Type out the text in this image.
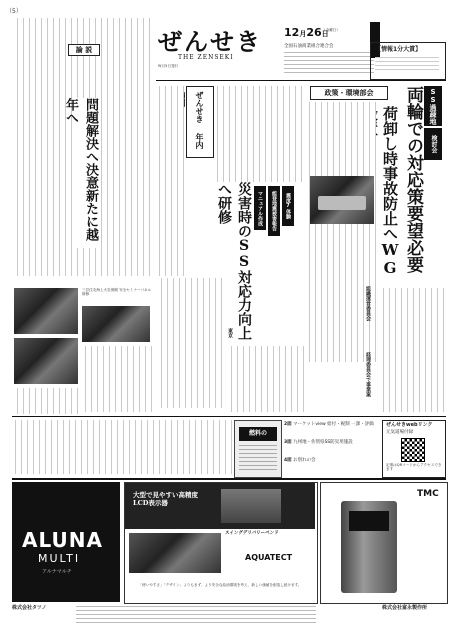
（5）
論 説
問題解決へ決意新たに越年へ
ぜんせき
THE ZENSEKI
毎月5日発行
12月26日
（金曜日）
全国石油商業組合連合会	【情報1分大賞】
政策・環境部会	SS過疎地
検討会
両輪での対応策要望必要
荷卸し時事故防止へWG
組織運営委員会
経理委員会で事業案
ぜんせき 年内
震度7体験
能登地震被害報告
マニュアル作成
災害時のSS対応力向上へ研修
東京
三井住友海上火災保険 安全セミナーパネル研修
燃料の
2面 マーケットview 給付・税制 一課・評価
3面 九州地・佐賀県SS防災用施設
4面 お別れの会
ぜんせきwebリンク
元気道場付録
記事はQRコードからアクセスできます
ALUNA
MULTI
アルナマルチ
大型で見やすい高精度LCD表示器
スイングデリバリーベンド
AQUATECT
「使いやすさ」「デザイン」よりもまず、より安全な給油環境を考え、新しい価値を創造し続けます。
TMC
株式会社タツノ	株式会社富永製作所
